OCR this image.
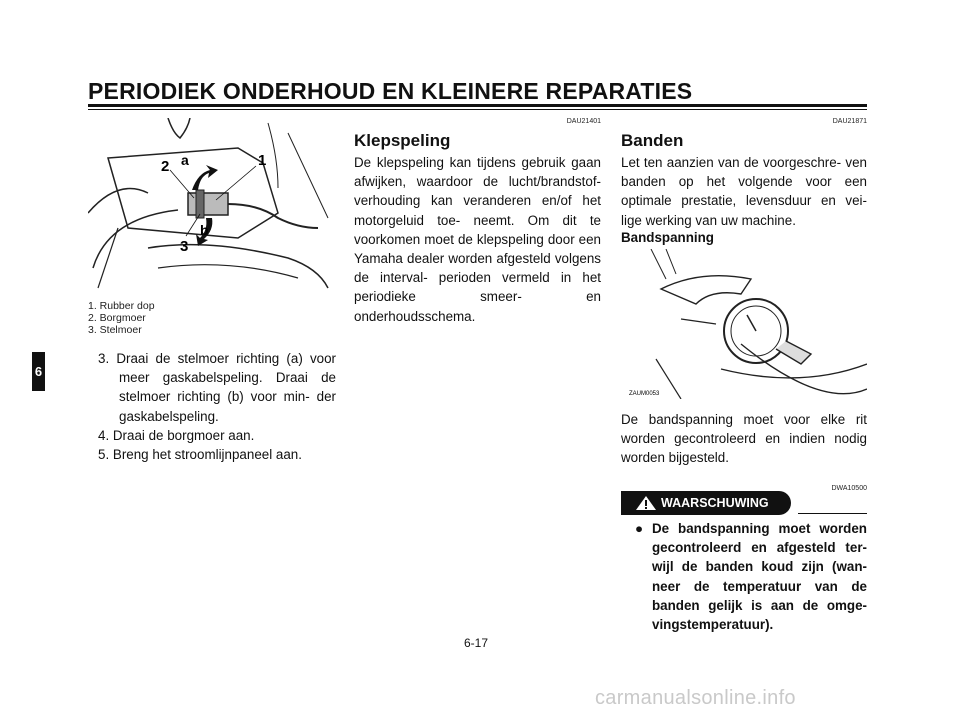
PERIODIEK ONDERHOUD EN KLEINERE REPARATIES
6
1
2
3
a
b
1. Rubber dop
2. Borgmoer
3. Stelmoer

3. Draai de stelmoer richting (a) voor meer gaskabelspeling. Draai de stelmoer richting (b) voor min- der gaskabelspeling.

4. Draai de borgmoer aan.

5. Breng het stroomlijnpaneel aan.

DAU21401
Klepspeling

De klepspeling kan tijdens gebruik gaan afwijken, waardoor de lucht/brandstof-verhouding kan veranderen en/of het motorgeluid toe- neemt. Om dit te voorkomen moet de klepspeling door een Yamaha dealer worden afgesteld volgens de interval- perioden vermeld in het periodieke smeer- en onderhoudsschema.

DAU21871
Banden

Let ten aanzien van de voorgeschre- ven banden op het volgende voor een optimale prestatie, levensduur en vei- lige werking van uw machine.

Bandspanning
ZAUM0053

De bandspanning moet voor elke rit worden gecontroleerd en indien nodig worden bijgesteld.

DWA10500
WAARSCHUWING
● De bandspanning moet worden gecontroleerd en afgesteld ter- wijl de banden koud zijn (wan- neer de temperatuur van de banden gelijk is aan de omge- vingstemperatuur).
6-17
carmanualsonline.info
